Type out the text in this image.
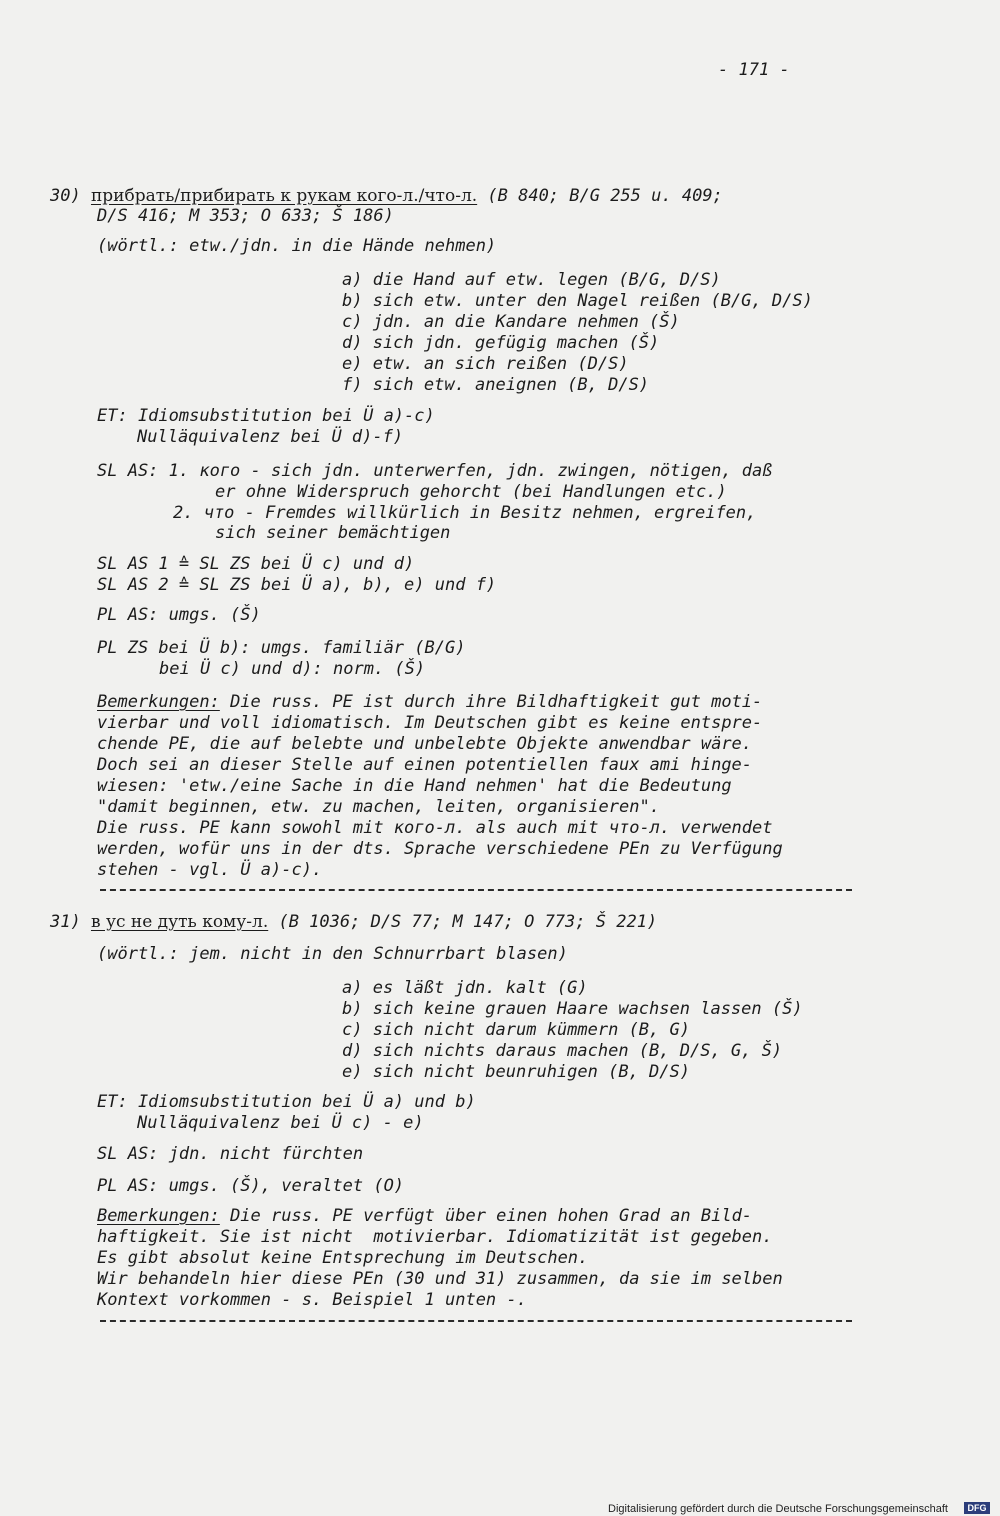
- 171 -
30) прибрать/прибирать к рукам кого-л./что-л. (B 840; B/G 255 u. 409;
D/S 416; M 353; O 633; Š 186)
(wörtl.: etw./jdn. in die Hände nehmen)
a) die Hand auf etw. legen (B/G, D/S)
b) sich etw. unter den Nagel reißen (B/G, D/S)
c) jdn. an die Kandare nehmen (Š)
d) sich jdn. gefügig machen (Š)
e) etw. an sich reißen (D/S)
f) sich etw. aneignen (B, D/S)
ET: Idiomsubstitution bei Ü a)-c)
Nulläquivalenz bei Ü d)-f)
SL AS: 1. кого - sich jdn. unterwerfen, jdn. zwingen, nötigen, daß
er ohne Widerspruch gehorcht (bei Handlungen etc.)
2. что - Fremdes willkürlich in Besitz nehmen, ergreifen,
sich seiner bemächtigen
SL AS 1 ≙ SL ZS bei Ü c) und d)
SL AS 2 ≙ SL ZS bei Ü a), b), e) und f)
PL AS: umgs. (Š)
PL ZS bei Ü b): umgs. familiär (B/G)
bei Ü c) und d): norm. (Š)
Bemerkungen: Die russ. PE ist durch ihre Bildhaftigkeit gut moti-
vierbar und voll idiomatisch. Im Deutschen gibt es keine entspre-
chende PE, die auf belebte und unbelebte Objekte anwendbar wäre.
Doch sei an dieser Stelle auf einen potentiellen faux ami hinge-
wiesen: 'etw./eine Sache in die Hand nehmen' hat die Bedeutung
"damit beginnen, etw. zu machen, leiten, organisieren".
Die russ. PE kann sowohl mit кого-л. als auch mit что-л. verwendet
werden, wofür uns in der dts. Sprache verschiedene PEn zu Verfügung
stehen - vgl. Ü a)-c).
31) в ус не дуть кому-л. (B 1036; D/S 77; M 147; O 773; Š 221)
(wörtl.: jem. nicht in den Schnurrbart blasen)
a) es läßt jdn. kalt (G)
b) sich keine grauen Haare wachsen lassen (Š)
c) sich nicht darum kümmern (B, G)
d) sich nichts daraus machen (B, D/S, G, Š)
e) sich nicht beunruhigen (B, D/S)
ET: Idiomsubstitution bei Ü a) und b)
Nulläquivalenz bei Ü c) - e)
SL AS: jdn. nicht fürchten
PL AS: umgs. (Š), veraltet (O)
Bemerkungen: Die russ. PE verfügt über einen hohen Grad an Bild-
haftigkeit. Sie ist nicht  motivierbar. Idiomatizität ist gegeben.
Es gibt absolut keine Entsprechung im Deutschen.
Wir behandeln hier diese PEn (30 und 31) zusammen, da sie im selben
Kontext vorkommen - s. Beispiel 1 unten -.
Digitalisierung gefördert durch die Deutsche Forschungsgemeinschaft	DFG
